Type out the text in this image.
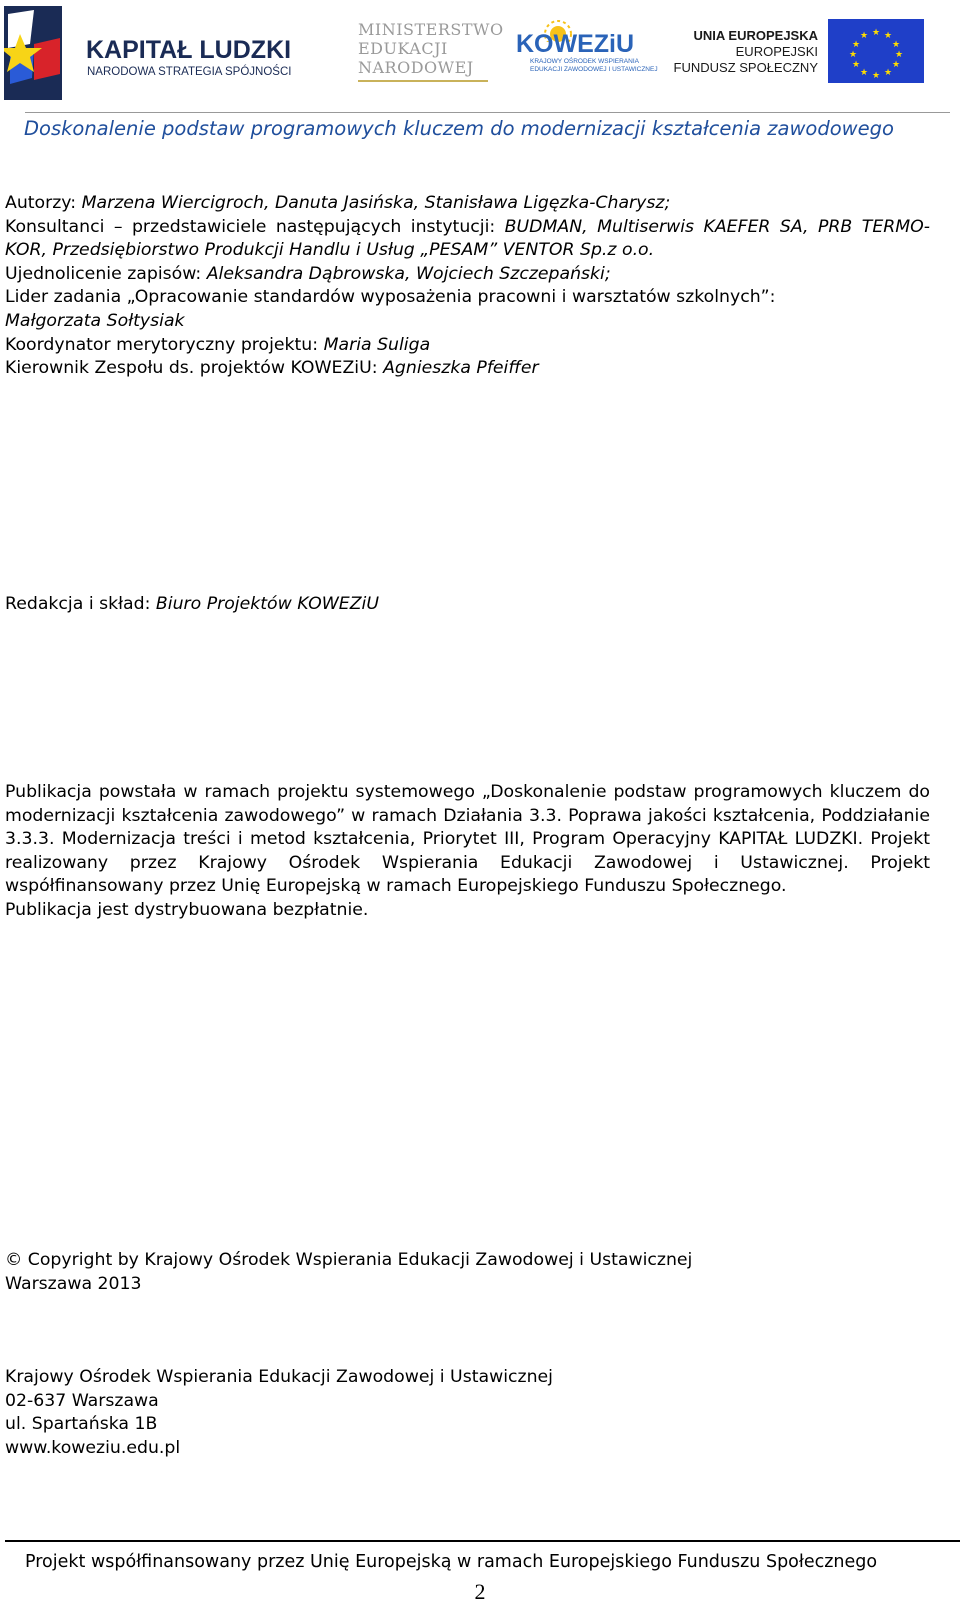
KAPITAŁ LUDZKI
NARODOWA STRATEGIA SPÓJNOŚCI
MINISTERSTWO
EDUKACJI
NARODOWEJ
KOWEZiU
KRAJOWY OŚRODEK WSPIERANIA
EDUKACJI ZAWODOWEJ I USTAWICZNEJ
UNIA EUROPEJSKA
EUROPEJSKI
FUNDUSZ SPOŁECZNY
★ ★
★
★
★
★
★
★
★
★
★
★
Doskonalenie podstaw programowych kluczem do modernizacji kształcenia zawodowego
Autorzy: Marzena Wiercigroch, Danuta Jasińska, Stanisława Ligęzka-Charysz;
Konsultanci – przedstawiciele następujących instytucji: BUDMAN, Multiserwis KAEFER SA, PRB TERMO-KOR, Przedsiębiorstwo Produkcji Handlu i Usług „PESAM” VENTOR Sp.z o.o.
Ujednolicenie zapisów: Aleksandra Dąbrowska, Wojciech Szczepański;
Lider zadania „Opracowanie standardów wyposażenia pracowni i warsztatów szkolnych”:
Małgorzata Sołtysiak
Koordynator merytoryczny projektu: Maria Suliga
Kierownik Zespołu ds. projektów KOWEZiU: Agnieszka Pfeiffer
Redakcja i skład: Biuro Projektów KOWEZiU
Publikacja powstała w ramach projektu systemowego „Doskonalenie podstaw programowych kluczem do modernizacji kształcenia zawodowego” w ramach Działania 3.3. Poprawa jakości kształcenia, Poddziałanie 3.3.3. Modernizacja treści i metod kształcenia, Priorytet III, Program Operacyjny KAPITAŁ LUDZKI. Projekt realizowany przez Krajowy Ośrodek Wspierania Edukacji Zawodowej i Ustawicznej. Projekt współfinansowany przez Unię Europejską w ramach Europejskiego Funduszu Społecznego.
Publikacja jest dystrybuowana bezpłatnie.
© Copyright by Krajowy Ośrodek Wspierania Edukacji Zawodowej i Ustawicznej
Warszawa 2013
Krajowy Ośrodek Wspierania Edukacji Zawodowej i Ustawicznej
02-637 Warszawa
ul. Spartańska 1B
www.koweziu.edu.pl
Projekt współfinansowany przez Unię Europejską w ramach Europejskiego Funduszu Społecznego
2
